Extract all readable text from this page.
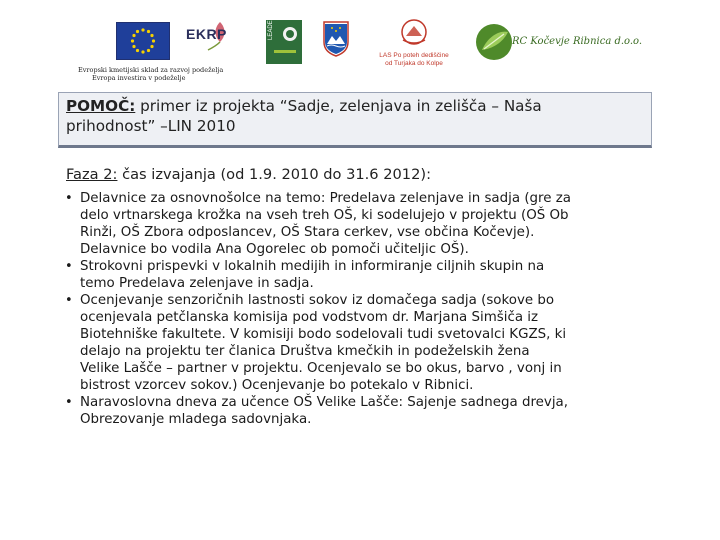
Evropski kmetijski sklad za razvoj podeželja
Evropa investira v podeželje
EKRP	LEADER
LAS Po poteh dediščine
od Turjaka do Kolpe
RC Kočevje Ribnica d.o.o.
POMOČ: primer iz projekta “Sadje, zelenjava in zelišča – Naša
prihodnost” –LIN 2010
Faza 2: čas izvajanja (od 1.9. 2010 do 31.6 2012):
• Delavnice za osnovnošolce na temo: Predelava zelenjave in sadja (gre za
delo vrtnarskega krožka na vseh treh OŠ, ki sodelujejo v projektu (OŠ Ob
Rinži, OŠ Zbora odposlancev, OŠ Stara cerkev, vse občina Kočevje).
Delavnice bo vodila Ana Ogorelec ob pomoči učiteljic OŠ).
• Strokovni prispevki v lokalnih medijih in informiranje ciljnih skupin na
temo Predelava zelenjave in sadja.
• Ocenjevanje senzoričnih lastnosti sokov iz domačega sadja (sokove bo
ocenjevala petčlanska komisija pod vodstvom dr. Marjana Simšiča iz
Biotehniške fakultete. V komisiji bodo sodelovali tudi svetovalci KGZS, ki
delajo na projektu ter članica Društva kmečkih in podeželskih žena
Velike Lašče – partner v projektu. Ocenjevalo se bo okus, barvo , vonj in
bistrost vzorcev sokov.) Ocenjevanje bo potekalo v Ribnici.
• Naravoslovna dneva za učence OŠ Velike Lašče: Sajenje sadnega drevja,
Obrezovanje mladega sadovnjaka.
